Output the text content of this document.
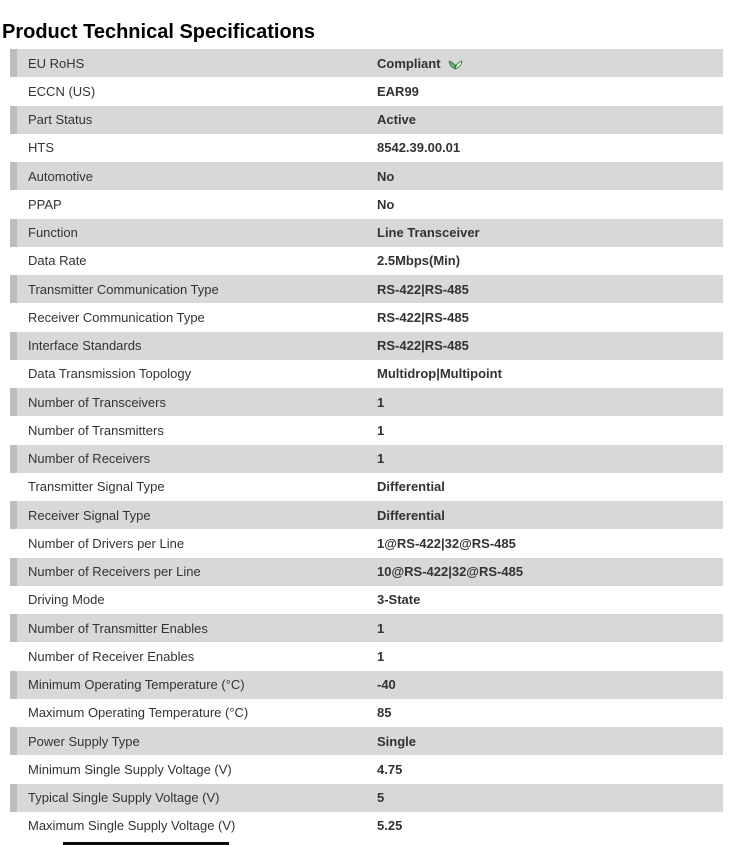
Product Technical Specifications
EU RoHS	Compliant
ECCN (US)	EAR99
Part Status	Active
HTS	8542.39.00.01
Automotive	No
PPAP	No
Function	Line Transceiver
Data Rate	2.5Mbps(Min)
Transmitter Communication Type	RS-422|RS-485
Receiver Communication Type	RS-422|RS-485
Interface Standards	RS-422|RS-485
Data Transmission Topology	Multidrop|Multipoint
Number of Transceivers	1
Number of Transmitters	1
Number of Receivers	1
Transmitter Signal Type	Differential
Receiver Signal Type	Differential
Number of Drivers per Line	1@RS-422|32@RS-485
Number of Receivers per Line	10@RS-422|32@RS-485
Driving Mode	3-State
Number of Transmitter Enables	1
Number of Receiver Enables	1
Minimum Operating Temperature (°C)	-40
Maximum Operating Temperature (°C)	85
Power Supply Type	Single
Minimum Single Supply Voltage (V)	4.75
Typical Single Supply Voltage (V)	5
Maximum Single Supply Voltage (V)	5.25
